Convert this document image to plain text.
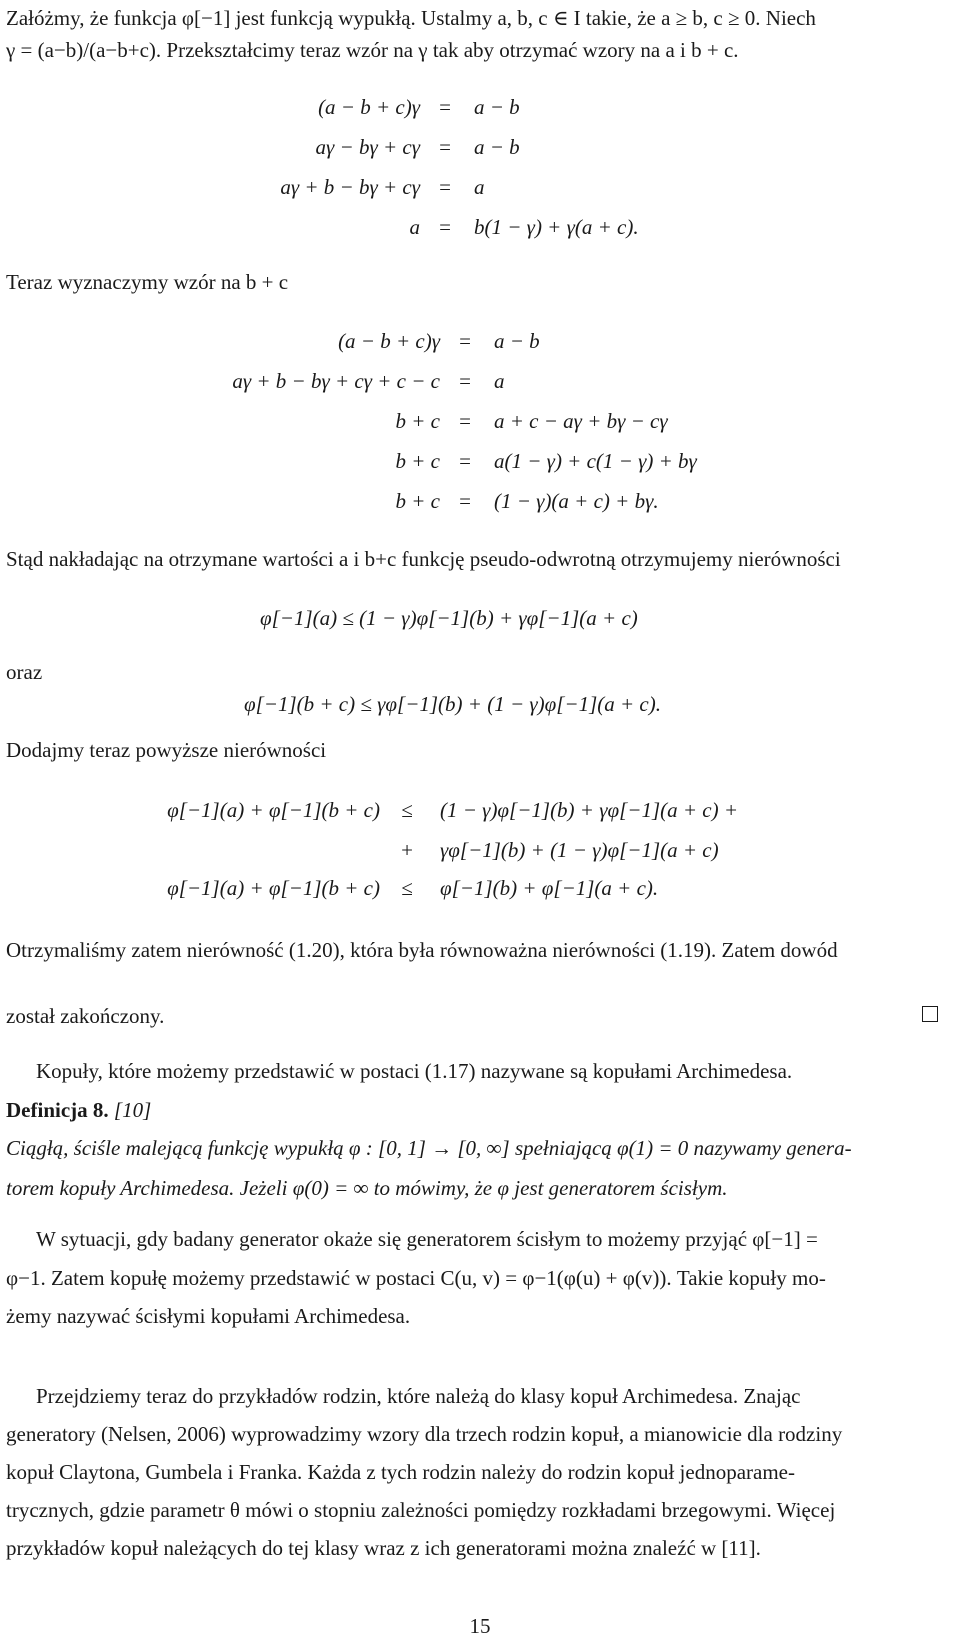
Załóżmy, że funkcja φ[−1] jest funkcją wypukłą. Ustalmy a, b, c ∈ I takie, że a ≥ b, c ≥ 0. Niech
γ = (a−b)/(a−b+c). Przekształcimy teraz wzór na γ tak aby otrzymać wzory na a i b + c.
(a − b + c)γ =	a − b
aγ − bγ + cγ =	a − b
aγ + b − bγ + cγ =	a
a =	b(1 − γ) + γ(a + c).
Teraz wyznaczymy wzór na b + c
(a − b + c)γ =	a − b
aγ + b − bγ + cγ + c − c =	a
b + c =	a + c − aγ + bγ − cγ
b + c =	a(1 − γ) + c(1 − γ) + bγ
b + c =	(1 − γ)(a + c) + bγ.
Stąd nakładając na otrzymane wartości a i b+c funkcję pseudo-odwrotną otrzymujemy nierówności
φ[−1](a) ≤ (1 − γ)φ[−1](b) + γφ[−1](a + c)
oraz
φ[−1](b + c) ≤ γφ[−1](b) + (1 − γ)φ[−1](a + c).
Dodajmy teraz powyższe nierówności
φ[−1](a) + φ[−1](b + c)	≤	(1 − γ)φ[−1](b) + γφ[−1](a + c) +
+	γφ[−1](b) + (1 − γ)φ[−1](a + c)
φ[−1](a) + φ[−1](b + c)	≤	φ[−1](b) + φ[−1](a + c).
Otrzymaliśmy zatem nierówność (1.20), która była równoważna nierówności (1.19). Zatem dowód
został zakończony.
Kopuły, które możemy przedstawić w postaci (1.17) nazywane są kopułami Archimedesa.
Definicja 8. [10]
Ciągłą, ściśle malejącą funkcję wypukłą φ : [0, 1] → [0, ∞] spełniającą φ(1) = 0 nazywamy genera-
torem kopuły Archimedesa. Jeżeli φ(0) = ∞ to mówimy, że φ jest generatorem ścisłym.
W sytuacji, gdy badany generator okaże się generatorem ścisłym to możemy przyjąć φ[−1] =
φ−1. Zatem kopułę możemy przedstawić w postaci C(u, v) = φ−1(φ(u) + φ(v)). Takie kopuły mo-
żemy nazywać ścisłymi kopułami Archimedesa.
Przejdziemy teraz do przykładów rodzin, które należą do klasy kopuł Archimedesa. Znając
generatory (Nelsen, 2006) wyprowadzimy wzory dla trzech rodzin kopuł, a mianowicie dla rodziny
kopuł Claytona, Gumbela i Franka. Każda z tych rodzin należy do rodzin kopuł jednoparame-
trycznych, gdzie parametr θ mówi o stopniu zależności pomiędzy rozkładami brzegowymi. Więcej
przykładów kopuł należących do tej klasy wraz z ich generatorami można znaleźć w [11].
15
